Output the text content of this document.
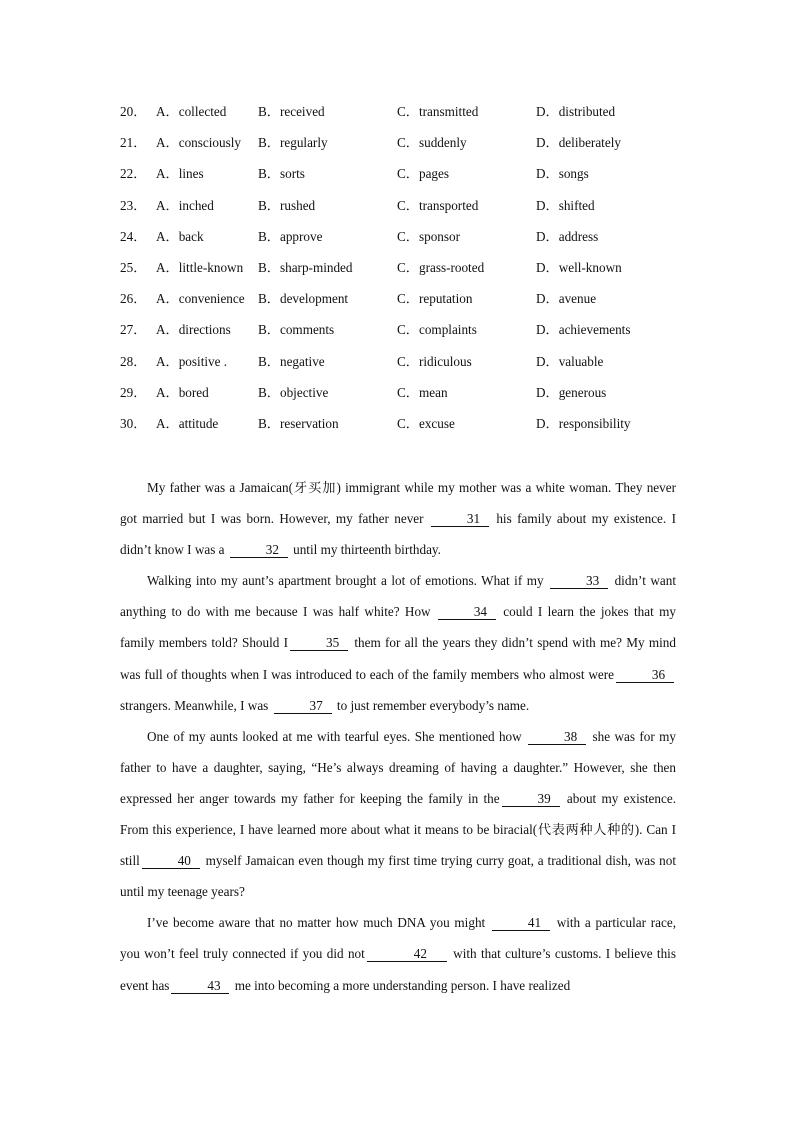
20． A．collected B．received	C．transmitted	D．distributed
21． A．consciously B．regularly	C．suddenly	D．deliberately
22． A．lines	B．sorts	C．pages	D．songs
23． A．inched	B．rushed	C．transported	D．shifted
24． A．back	B．approve	C．sponsor	D．address
25． A．little-known B．sharp-minded	C．grass-rooted	D．well-known
26． A．convenience B．development	C．reputation	D．avenue
27． A．directions B．comments	C．complaints	D．achievements
28． A．positive . B．negative	C．ridiculous	D．valuable
29． A．bored	B．objective	C．mean	D．generous
30． A．attitude	B．reservation	C．excuse	D．responsibility

My father was a Jamaican(牙买加) immigrant while my mother was a white woman. They never got married but I was born. However, my father never	31 his family about my existence. I didn’t know I was a	32 until my thirteenth birthday.

Walking into my aunt’s apartment brought a lot of emotions. What if my	33 didn’t want anything to do with me because I was half white? How	34 could I learn the jokes that my family members told? Should I	35 them for all the years they didn’t spend with me? My mind was full of thoughts when I was introduced to each of the family members who almost were	36 strangers. Meanwhile, I was	37 to just remember everybody’s name.

One of my aunts looked at me with tearful eyes. She mentioned how	38 she was for my father to have a daughter, saying, “He’s always dreaming of having a daughter.” However, she then expressed her anger towards my father for keeping the family in the	39 about my existence. From this experience, I have learned more about what it means to be biracial(代表两种人种的). Can I still	40 myself Jamaican even though my first time trying curry goat, a traditional dish, was not until my teenage years?

I’ve become aware that no matter how much DNA you might	41 with a particular race, you won’t feel truly connected if you did not	42 with that culture’s customs. I believe this event has	43 me into becoming a more understanding person. I have realized
